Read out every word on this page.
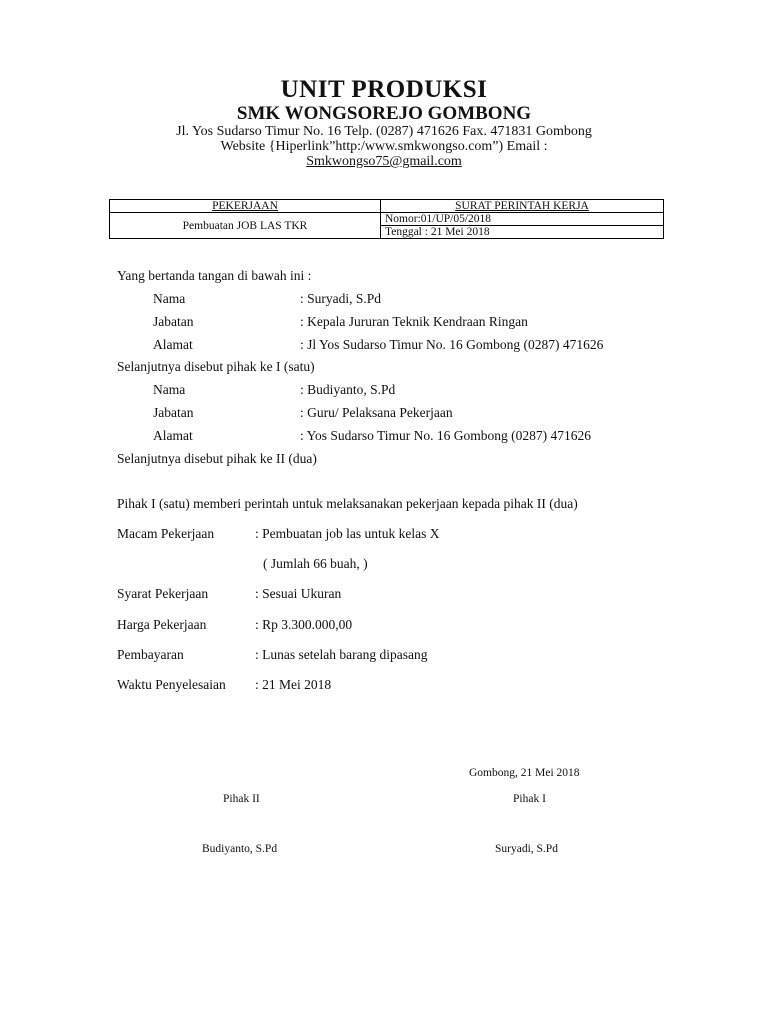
UNIT PRODUKSI
SMK WONGSOREJO GOMBONG
Jl. Yos Sudarso Timur No. 16 Telp. (0287) 471626 Fax. 471831 Gombong
Website {Hiperlink”http:/www.smkwongso.com”) Email :
Smkwongso75@gmail.com
PEKERJAAN	SURAT PERINTAH KERJA
Pembuatan JOB LAS TKR	Nomor:01/UP/05/2018
	Tenggal : 21 Mei 2018
Yang bertanda tangan di bawah ini :
Nama	: Suryadi, S.Pd
Jabatan	: Kepala Jururan Teknik Kendraan Ringan
Alamat	: Jl Yos Sudarso Timur No. 16 Gombong (0287) 471626
Selanjutnya disebut pihak ke I (satu)
Nama	: Budiyanto, S.Pd
Jabatan	: Guru/ Pelaksana Pekerjaan
Alamat	: Yos Sudarso Timur No. 16 Gombong (0287) 471626
Selanjutnya disebut pihak ke II (dua)
Pihak I (satu) memberi perintah untuk melaksanakan pekerjaan kepada pihak II (dua)
Macam Pekerjaan	: Pembuatan job las untuk kelas X
( Jumlah 66 buah, )
Syarat Pekerjaan	: Sesuai Ukuran
Harga Pekerjaan	: Rp 3.300.000,00
Pembayaran	: Lunas setelah barang dipasang
Waktu Penyelesaian : 21 Mei 2018
Gombong, 21 Mei 2018
Pihak II	Pihak I
Budiyanto, S.Pd	Suryadi, S.Pd
